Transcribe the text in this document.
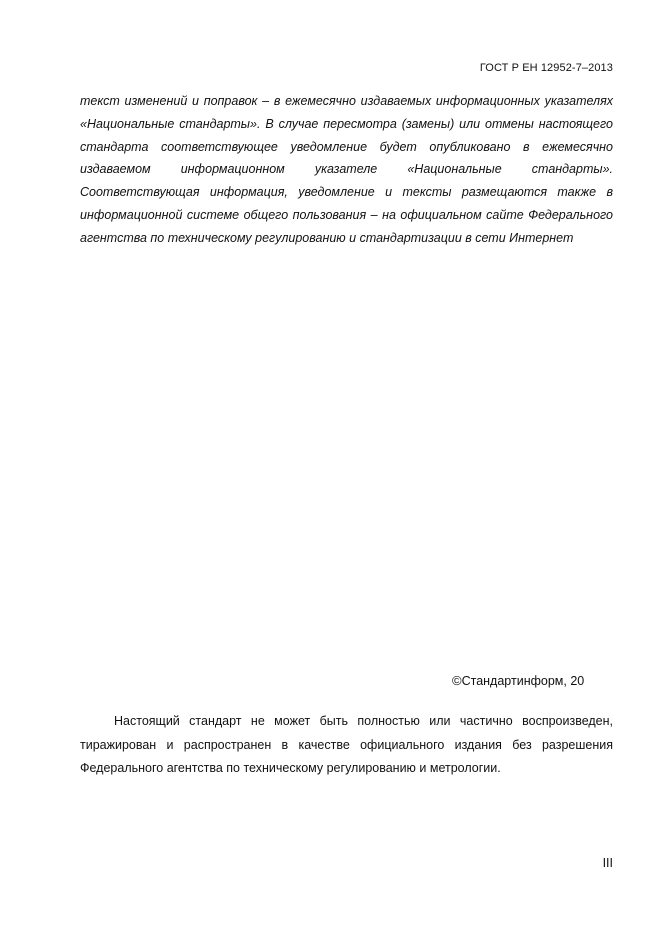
ГОСТ Р ЕН 12952-7–2013

текст изменений и поправок – в ежемесячно издаваемых информационных указателях «Национальные стандарты». В случае пересмотра (замены) или отмены настоящего стандарта соответствующее уведомление будет опубликовано в ежемесячно издаваемом информационном указателе «Национальные стандарты». Соответствующая информация, уведомление и тексты размещаются также в информационной системе общего пользования – на официальном сайте Федерального агентства по техническому регулированию и стандартизации в сети Интернет

©Стандартинформ, 20

Настоящий стандарт не может быть полностью или частично воспроизведен, тиражирован и распространен в качестве официального издания без разрешения Федерального агентства по техническому регулированию и метрологии.

III
